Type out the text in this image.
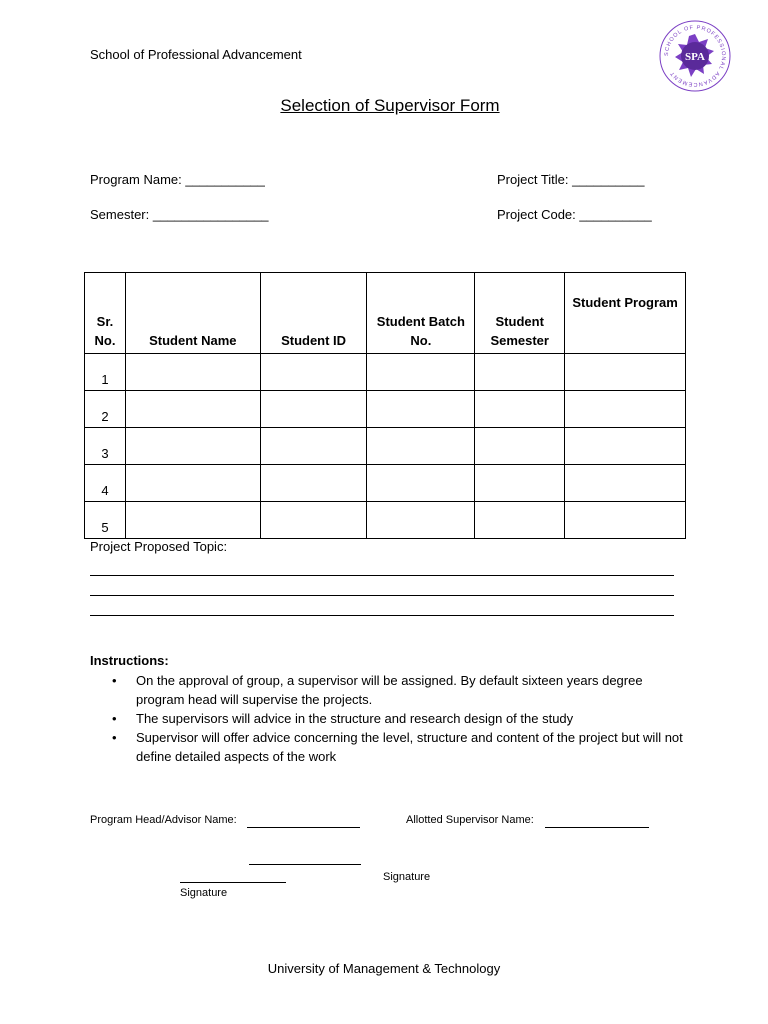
School of Professional Advancement
Selection of Supervisor Form
SCHOOL OF PROFESSIONAL ADVANCEMENT
SPA
Program Name: ___________
Semester: ________________
Project Title: __________
Project Code: __________
Sr. No.	Student Name	Student ID	Student Batch No.	Student Semester	Student Program
1					
2					
3					
4					
5					
Project Proposed Topic:
Instructions:
• On the approval of group, a supervisor will be assigned. By default sixteen years degree program head will supervise the projects.
• The supervisors will advice in the structure and research design of the study
• Supervisor will offer advice concerning the level, structure and content of the project but will not define detailed aspects of the work
Program Head/Advisor Name:	Allotted Supervisor Name:
Signature
Signature
University of Management & Technology
